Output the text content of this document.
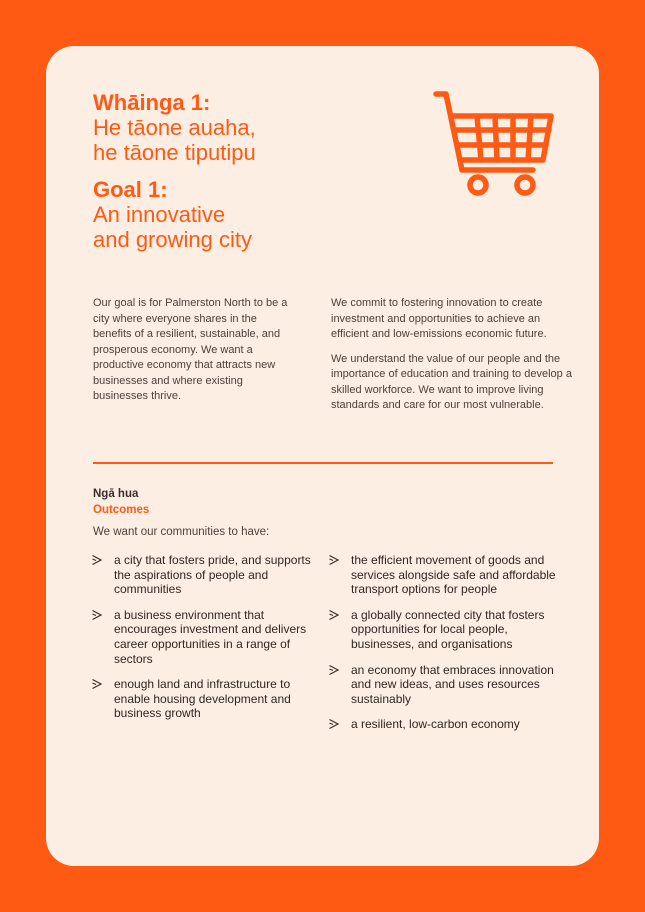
Whāinga 1:

He tāone auaha,

he tāone tiputipu

Goal 1:

An innovative

and growing city

Our goal is for Palmerston North to be a city where everyone shares in the benefits of a resilient, sustainable, and prosperous economy. We want a productive economy that attracts new businesses and where existing businesses thrive.

We commit to fostering innovation to create investment and opportunities to achieve an efficient and low-emissions economic future.

We understand the value of our people and the importance of education and training to develop a skilled workforce. We want to improve living standards and care for our most vulnerable.

Ngā hua
Outcomes
We want our communities to have:
a city that fosters pride, and supports the aspirations of people and communities
a business environment that encourages investment and delivers career opportunities in a range of sectors
enough land and infrastructure to enable housing development and business growth
the efficient movement of goods and services alongside safe and affordable transport options for people
a globally connected city that fosters opportunities for local people, businesses, and organisations
an economy that embraces innovation and new ideas, and uses resources sustainably
a resilient, low-carbon economy
